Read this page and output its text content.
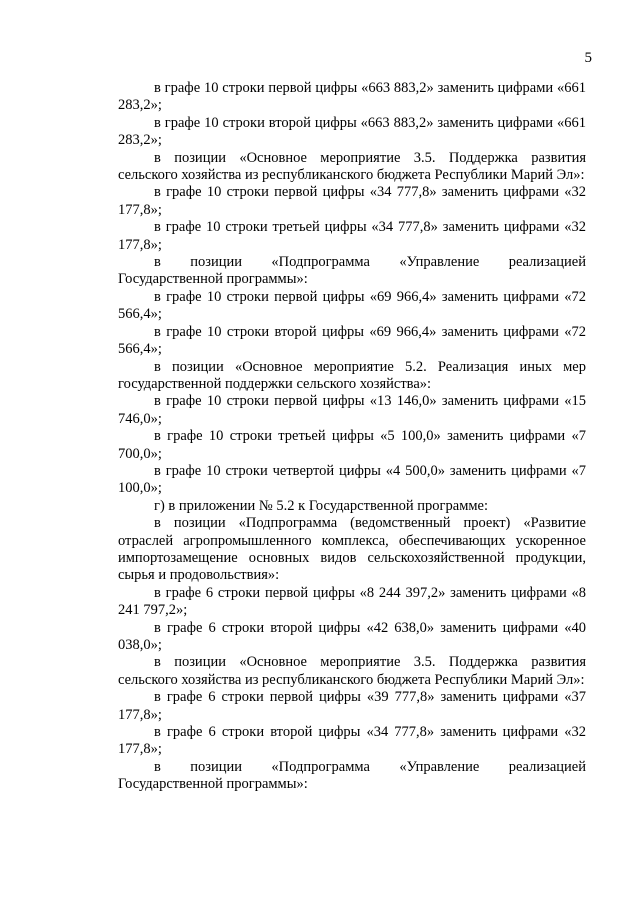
5

в графе 10 строки первой цифры «663 883,2» заменить цифрами «661 283,2»;

в графе 10 строки второй цифры «663 883,2» заменить цифрами «661 283,2»;

в позиции «Основное мероприятие 3.5. Поддержка развития сельского хозяйства из республиканского бюджета Республики Марий Эл»:

в графе 10 строки первой цифры «34 777,8» заменить цифрами «32 177,8»;

в графе 10 строки третьей цифры «34 777,8» заменить цифрами «32 177,8»;

в позиции «Подпрограмма «Управление реализацией Государственной программы»:

в графе 10 строки первой цифры «69 966,4» заменить цифрами «72 566,4»;

в графе 10 строки второй цифры «69 966,4» заменить цифрами «72 566,4»;

в позиции «Основное мероприятие 5.2. Реализация иных мер государственной поддержки сельского хозяйства»:

в графе 10 строки первой цифры «13 146,0» заменить цифрами «15 746,0»;

в графе 10 строки третьей цифры «5 100,0» заменить цифрами «7 700,0»;

в графе 10 строки четвертой цифры «4 500,0» заменить цифрами «7 100,0»;

г) в приложении № 5.2 к Государственной программе:

в позиции «Подпрограмма (ведомственный проект) «Развитие отраслей агропромышленного комплекса, обеспечивающих ускоренное импортозамещение основных видов сельскохозяйственной продукции, сырья и продовольствия»:

в графе 6 строки первой цифры «8 244 397,2» заменить цифрами «8 241 797,2»;

в графе 6 строки второй цифры «42 638,0» заменить цифрами «40 038,0»;

в позиции «Основное мероприятие 3.5. Поддержка развития сельского хозяйства из республиканского бюджета Республики Марий Эл»:

в графе 6 строки первой цифры «39 777,8» заменить цифрами «37 177,8»;

в графе 6 строки второй цифры «34 777,8» заменить цифрами «32 177,8»;

в позиции «Подпрограмма «Управление реализацией Государственной программы»:
